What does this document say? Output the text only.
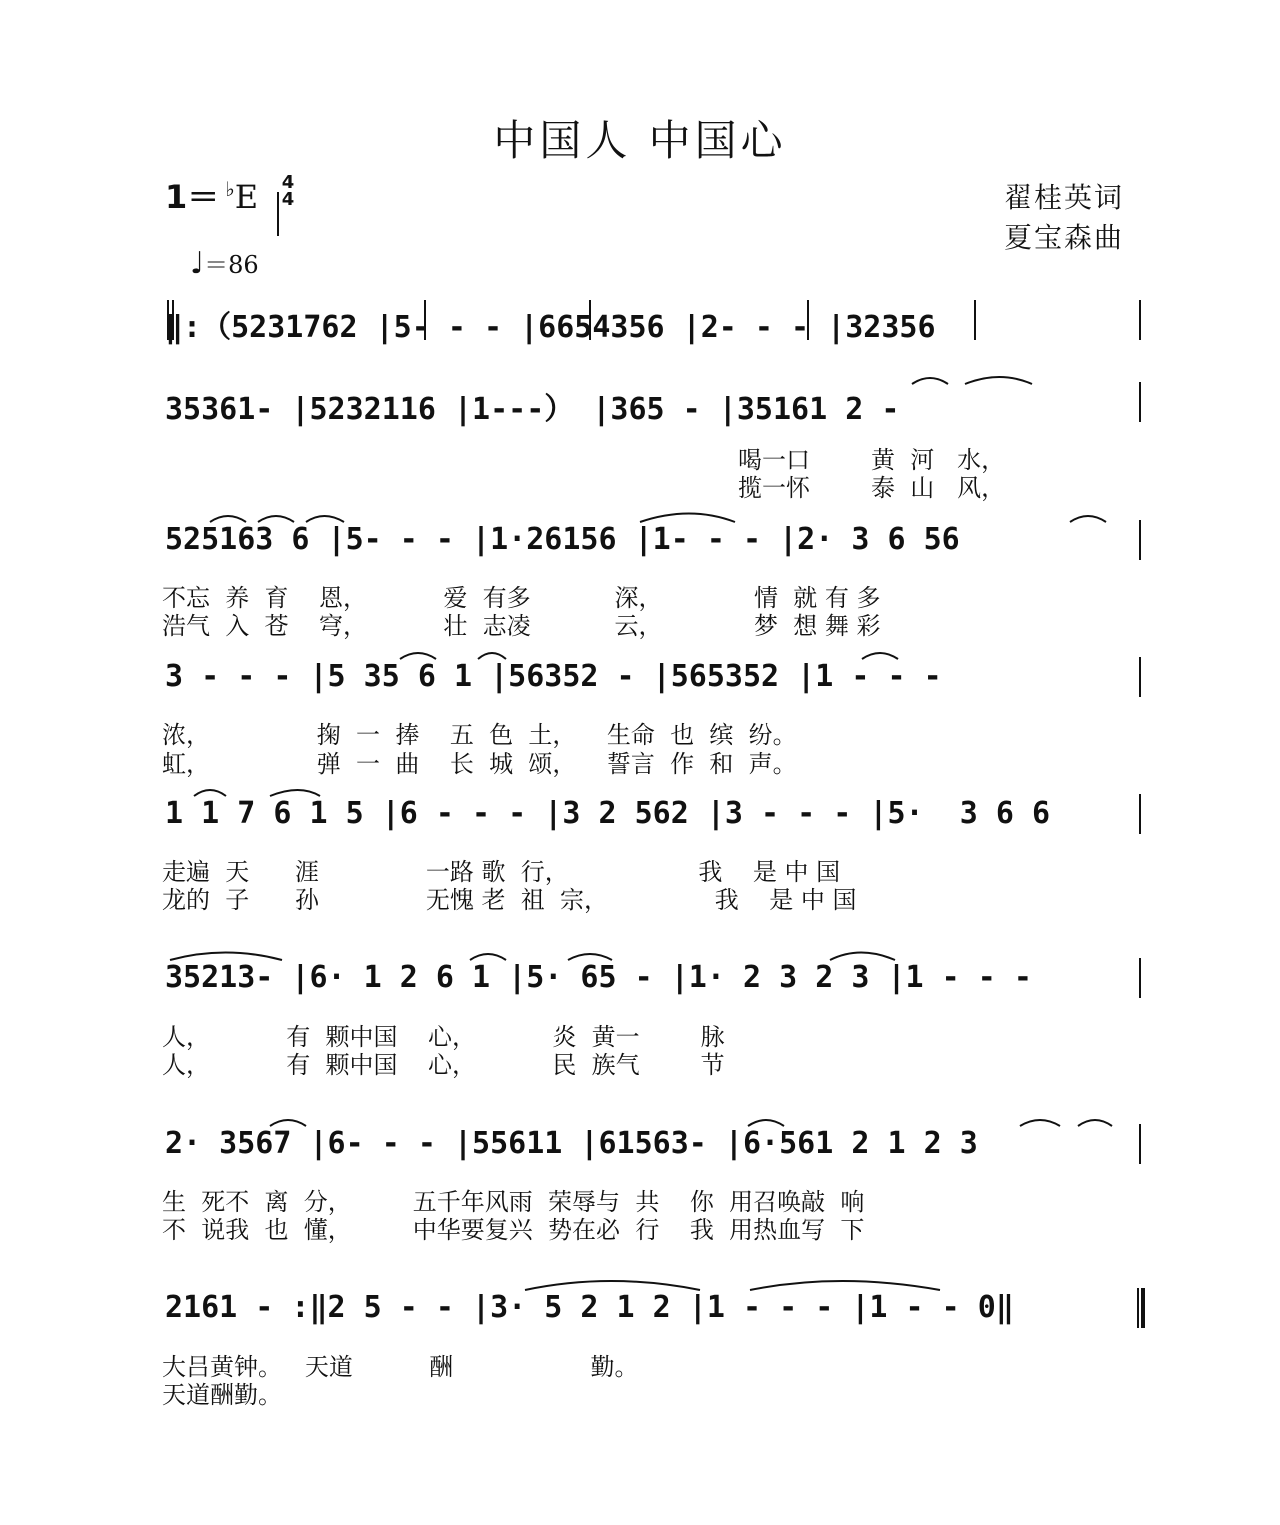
中国人 中国心
1＝ ♭E 4
4
♩＝86
翟桂英词
夏宝森曲
‖:（5231762 |5‑ ‑ ‑ |6654356 |2‑ ‑ ‑ |32356
35361‑ |5232116 |1‑‑‑） |365 ‑ |35161 2 ‑
喝一口        黄  河   水，
揽一怀        泰  山   风，
525163 6 |5‑ ‑ ‑ |1·26156 |1‑ ‑ ‑ |2· 3 6 56
不忘  养  育    恩，          爱  有多           深，            情  就 有 多
浩气  入  苍    穹，          壮  志凌           云，            梦  想 舞 彩
3 ‑ ‑ ‑ |5 35 6 1 |56352 ‑ |565352 |1 ‑ ‑ ‑
浓，              掬  一  捧    五  色  土，    生命  也  缤  纷。
虹，              弹  一  曲    长  城  颂，    誓言  作  和  声。
1 1 7 6 1 5 |6 ‑ ‑ ‑ |3 2 562 |3 ‑ ‑ ‑ |5·  3 6 6
走遍  天      涯              一路 歌  行，                 我    是 中 国
龙的  子      孙              无愧 老  祖  宗，              我    是 中 国
35213‑ |6· 1 2 6 1 |5· 65 ‑ |1· 2 3 2 3 |1 ‑ ‑ ‑
人，          有  颗中国    心，          炎  黄一        脉
人，          有  颗中国    心，          民  族气        节
2· 3567 |6‑ ‑ ‑ |55611 |61563‑ |6·561 2 1 2 3
生  死不  离  分，        五千年风雨  荣辱与  共    你  用召唤敲  响
不  说我  也  懂，        中华要复兴  势在必  行    我  用热血写  下
2161 ‑ :‖2 5 ‑ ‑ |3· 5 2 1 2 |1 ‑ ‑ ‑ |1 ‑ ‑ 0‖
大吕黄钟。   天道          酬                  勤。
天道酬勤。
